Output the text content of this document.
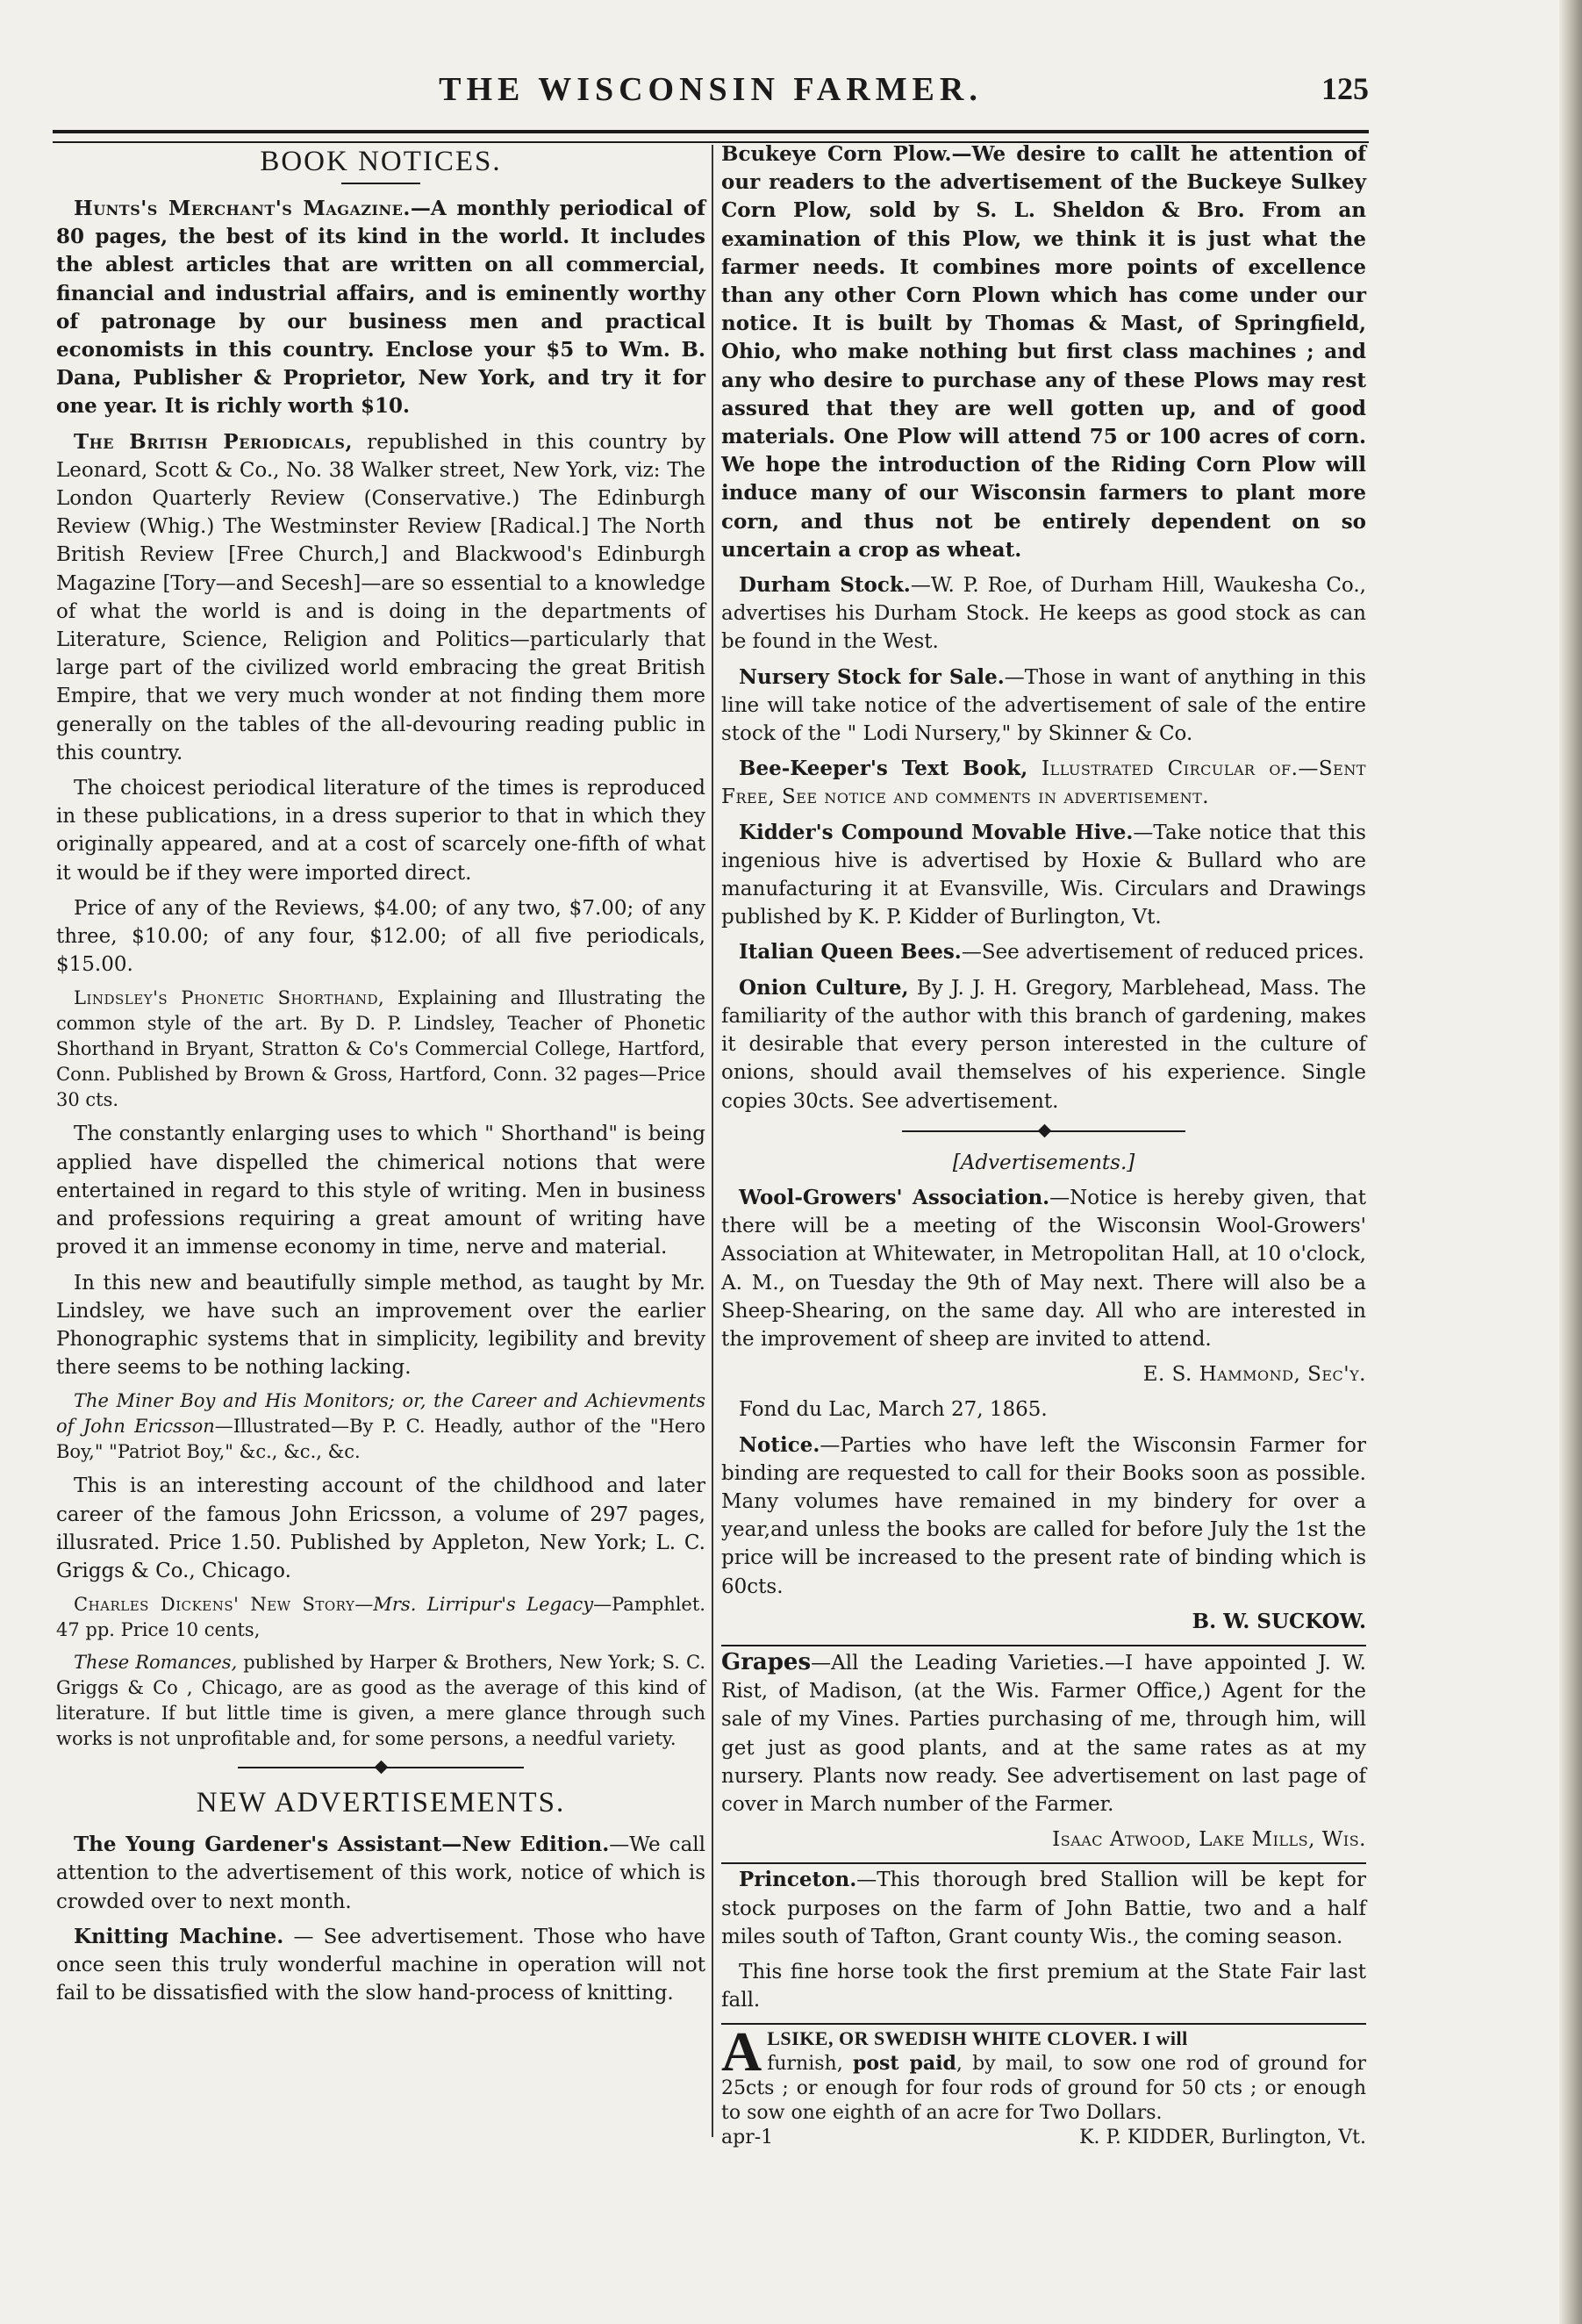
THE WISCONSIN FARMER.	125
BOOK NOTICES.

Hunts's Merchant's Magazine.—A monthly periodical of 80 pages, the best of its kind in the world. It includes the ablest articles that are written on all commercial, financial and industrial affairs, and is eminently worthy of patronage by our business men and practical economists in this country. Enclose your $5 to Wm. B. Dana, Publisher & Proprietor, New York, and try it for one year. It is richly worth $10.

The British Periodicals, republished in this country by Leonard, Scott & Co., No. 38 Walker street, New York, viz: The London Quarterly Review (Conservative.) The Edinburgh Review (Whig.) The Westminster Review [Radical.] The North British Review [Free Church,] and Blackwood's Edinburgh Magazine [Tory—and Secesh]—are so essential to a knowledge of what the world is and is doing in the departments of Literature, Science, Religion and Politics—particularly that large part of the civilized world embracing the great British Empire, that we very much wonder at not finding them more generally on the tables of the all-devouring reading public in this country.

The choicest periodical literature of the times is reproduced in these publications, in a dress superior to that in which they originally appeared, and at a cost of scarcely one-fifth of what it would be if they were imported direct.

Price of any of the Reviews, $4.00; of any two, $7.00; of any three, $10.00; of any four, $12.00; of all five periodicals, $15.00.

Lindsley's Phonetic Shorthand, Explaining and Illustrating the common style of the art. By D. P. Lindsley, Teacher of Phonetic Shorthand in Bryant, Stratton & Co's Commercial College, Hartford, Conn. Published by Brown & Gross, Hartford, Conn. 32 pages—Price 30 cts.

The constantly enlarging uses to which " Shorthand" is being applied have dispelled the chimerical notions that were entertained in regard to this style of writing. Men in business and professions requiring a great amount of writing have proved it an immense economy in time, nerve and material.

In this new and beautifully simple method, as taught by Mr. Lindsley, we have such an improvement over the earlier Phonographic systems that in simplicity, legibility and brevity there seems to be nothing lacking.

The Miner Boy and His Monitors; or, the Career and Achievments of John Ericsson—Illustrated—By P. C. Headly, author of the "Hero Boy," "Patriot Boy," &c., &c., &c.

This is an interesting account of the childhood and later career of the famous John Ericsson, a volume of 297 pages, illusrated. Price 1.50. Published by Appleton, New York; L. C. Griggs & Co., Chicago.

Charles Dickens' New Story—Mrs. Lirripur's Legacy—Pamphlet. 47 pp. Price 10 cents,

These Romances, published by Harper & Brothers, New York; S. C. Griggs & Co , Chicago, are as good as the average of this kind of literature. If but little time is given, a mere glance through such works is not unprofitable and, for some persons, a needful variety.

NEW ADVERTISEMENTS.

The Young Gardener's Assistant—New Edition.—We call attention to the advertisement of this work, notice of which is crowded over to next month.

Knitting Machine. — See advertisement. Those who have once seen this truly wonderful machine in operation will not fail to be dissatisfied with the slow hand-process of knitting.

Bcukeye Corn Plow.—We desire to callt he attention of our readers to the advertisement of the Buckeye Sulkey Corn Plow, sold by S. L. Sheldon & Bro. From an examination of this Plow, we think it is just what the farmer needs. It combines more points of excellence than any other Corn Plown which has come under our notice. It is built by Thomas & Mast, of Springfield, Ohio, who make nothing but first class machines ; and any who desire to purchase any of these Plows may rest assured that they are well gotten up, and of good materials. One Plow will attend 75 or 100 acres of corn. We hope the introduction of the Riding Corn Plow will induce many of our Wisconsin farmers to plant more corn, and thus not be entirely dependent on so uncertain a crop as wheat.

Durham Stock.—W. P. Roe, of Durham Hill, Waukesha Co., advertises his Durham Stock. He keeps as good stock as can be found in the West.

Nursery Stock for Sale.—Those in want of anything in this line will take notice of the advertisement of sale of the entire stock of the " Lodi Nursery," by Skinner & Co.

Bee-Keeper's Text Book, Illustrated Circular of.—Sent Free, See notice and comments in advertisement.

Kidder's Compound Movable Hive.—Take notice that this ingenious hive is advertised by Hoxie & Bullard who are manufacturing it at Evansville, Wis. Circulars and Drawings published by K. P. Kidder of Burlington, Vt.

Italian Queen Bees.—See advertisement of reduced prices.

Onion Culture, By J. J. H. Gregory, Marblehead, Mass. The familiarity of the author with this branch of gardening, makes it desirable that every person interested in the culture of onions, should avail themselves of his experience. Single copies 30cts. See advertisement.

[Advertisements.]

Wool-Growers' Association.—Notice is hereby given, that there will be a meeting of the Wisconsin Wool-Growers' Association at Whitewater, in Metropolitan Hall, at 10 o'clock, A. M., on Tuesday the 9th of May next. There will also be a Sheep-Shearing, on the same day. All who are interested in the improvement of sheep are invited to attend.

E. S. Hammond, Sec'y.

Fond du Lac, March 27, 1865.

Notice.—Parties who have left the Wisconsin Farmer for binding are requested to call for their Books soon as possible. Many volumes have remained in my bindery for over a year,and unless the books are called for before July the 1st the price will be increased to the present rate of binding which is 60cts.

B. W. SUCKOW.

Grapes—All the Leading Varieties.—I have appointed J. W. Rist, of Madison, (at the Wis. Farmer Office,) Agent for the sale of my Vines. Parties purchasing of me, through him, will get just as good plants, and at the same rates as at my nursery. Plants now ready. See advertisement on last page of cover in March number of the Farmer.

Isaac Atwood, Lake Mills, Wis.

Princeton.—This thorough bred Stallion will be kept for stock purposes on the farm of John Battie, two and a half miles south of Tafton, Grant county Wis., the coming season.

This fine horse took the first premium at the State Fair last fall.

A LSIKE, OR SWEDISH WHITE CLOVER. I will
furnish, post paid, by mail, to sow one rod of ground for 25cts ; or enough for four rods of ground for 50 cts ; or enough to sow one eighth of an acre for Two Dollars.
apr-1	K. P. KIDDER, Burlington, Vt.
